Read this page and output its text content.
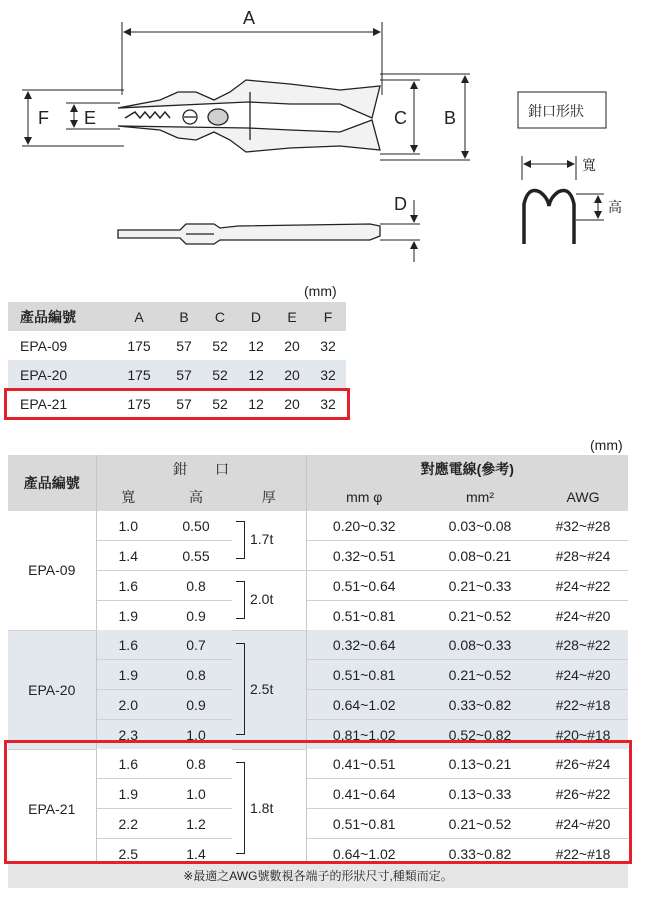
A
C B
F E
D
鉗口形狀
寬
高
(mm)
產品編號	A	B	C	D	E	F
EPA-09	175	57	52	12	20	32
EPA-20	175	57	52	12	20	32
EPA-21	175	57	52	12	20	32
(mm)
產品編號	鉗　　口			對應電線(參考)		
	寬	高	厚	mm φ	mm²	AWG
EPA-09	1.0	0.50	1.7t	0.20~0.32	0.03~0.08	#32~#28
	1.4	0.55		0.32~0.51	0.08~0.21	#28~#24
	1.6	0.8	2.0t	0.51~0.64	0.21~0.33	#24~#22
	1.9	0.9		0.51~0.81	0.21~0.52	#24~#20
EPA-20	1.6	0.7	2.5t	0.32~0.64	0.08~0.33	#28~#22
	1.9	0.8		0.51~0.81	0.21~0.52	#24~#20
	2.0	0.9		0.64~1.02	0.33~0.82	#22~#18
	2.3	1.0		0.81~1.02	0.52~0.82	#20~#18
EPA-21	1.6	0.8	1.8t	0.41~0.51	0.13~0.21	#26~#24
	1.9	1.0		0.41~0.64	0.13~0.33	#26~#22
	2.2	1.2		0.51~0.81	0.21~0.52	#24~#20
	2.5	1.4		0.64~1.02	0.33~0.82	#22~#18
※最適之AWG號數視各端子的形狀尺寸,種類而定。
